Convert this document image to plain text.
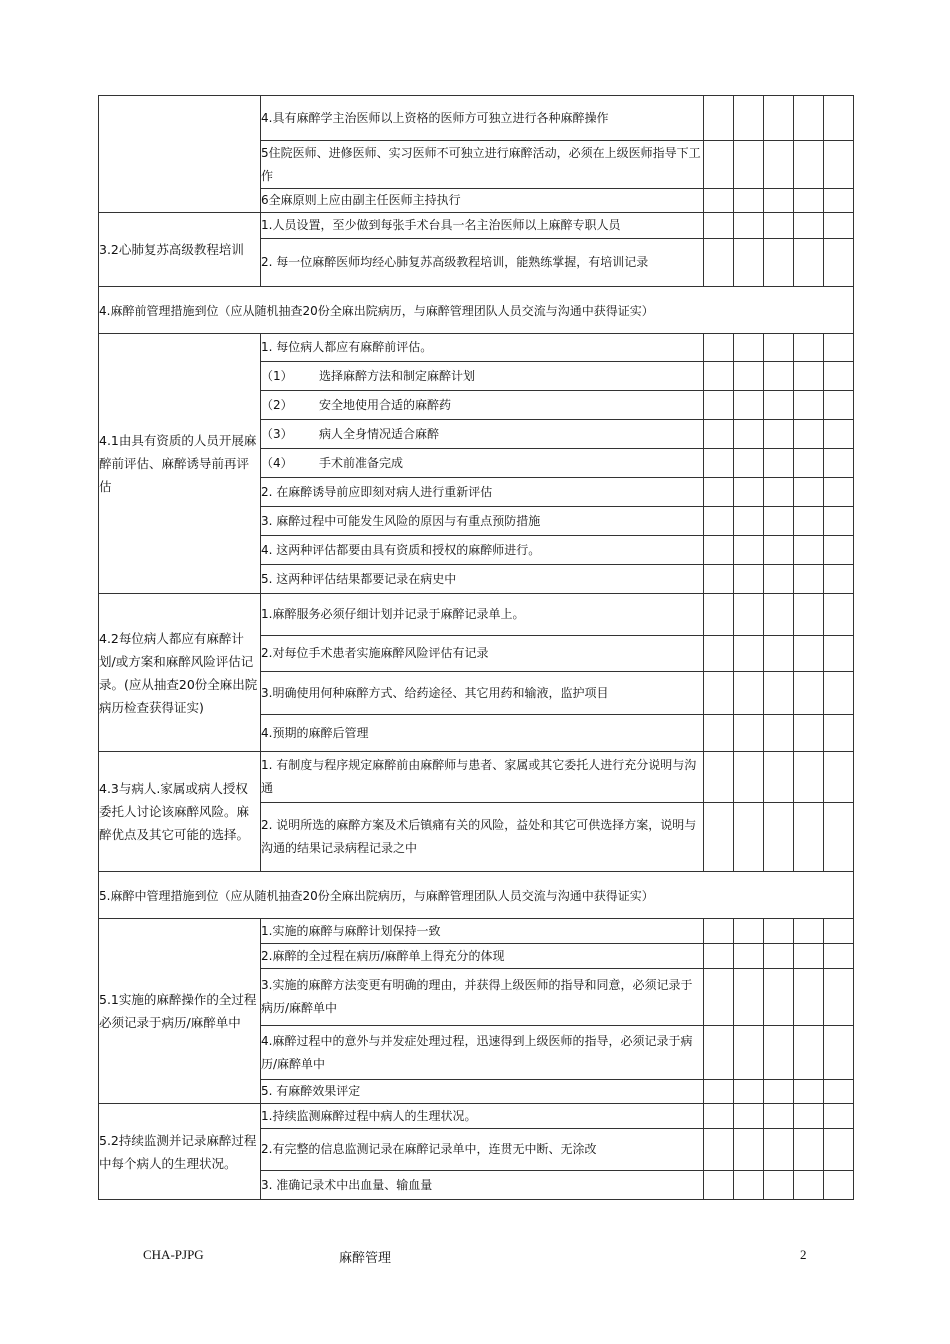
	4.具有麻醉学主治医师以上资格的医师方可独立进行各种麻醉操作					
	5住院医师、进修医师、实习医师不可独立进行麻醉活动，必须在上级医师指导下工作					
	6全麻原则上应由副主任医师主持执行					
3.2心肺复苏高级教程培训	1.人员设置，至少做到每张手术台具一名主治医师以上麻醉专职人员					
	2. 每一位麻醉医师均经心肺复苏高级教程培训，能熟练掌握，有培训记录					
4.麻醉前管理措施到位（应从随机抽查20份全麻出院病历，与麻醉管理团队人员交流与沟通中获得证实）						
4.1由具有资质的人员开展麻醉前评估、麻醉诱导前再评估	1. 每位病人都应有麻醉前评估。					
	（1） 选择麻醉方法和制定麻醉计划					
	（2） 安全地使用合适的麻醉药					
	（3） 病人全身情况适合麻醉					
	（4） 手术前准备完成					
	2. 在麻醉诱导前应即刻对病人进行重新评估					
	3. 麻醉过程中可能发生风险的原因与有重点预防措施					
	4. 这两种评估都要由具有资质和授权的麻醉师进行。					
	5. 这两种评估结果都要记录在病史中					
4.2每位病人都应有麻醉计划/或方案和麻醉风险评估记录。(应从抽查20份全麻出院病历检查获得证实)	1.麻醉服务必须仔细计划并记录于麻醉记录单上。					
	2.对每位手术患者实施麻醉风险评估有记录					
	3.明确使用何种麻醉方式、给药途径、其它用药和输液，监护项目					
	4.预期的麻醉后管理					
4.3与病人.家属或病人授权委托人讨论该麻醉风险。麻醉优点及其它可能的选择。	1. 有制度与程序规定麻醉前由麻醉师与患者、家属或其它委托人进行充分说明与沟通					
	2. 说明所选的麻醉方案及术后镇痛有关的风险，益处和其它可供选择方案，说明与沟通的结果记录病程记录之中					
5.麻醉中管理措施到位（应从随机抽查20份全麻出院病历，与麻醉管理团队人员交流与沟通中获得证实）						
5.1实施的麻醉操作的全过程必须记录于病历/麻醉单中	1.实施的麻醉与麻醉计划保持一致					
	2.麻醉的全过程在病历/麻醉单上得充分的体现					
	3.实施的麻醉方法变更有明确的理由，并获得上级医师的指导和同意，必须记录于病历/麻醉单中					
	4.麻醉过程中的意外与并发症处理过程，迅速得到上级医师的指导，必须记录于病历/麻醉单中					
	5. 有麻醉效果评定					
5.2持续监测并记录麻醉过程中每个病人的生理状况。	1.持续监测麻醉过程中病人的生理状况。					
	2.有完整的信息监测记录在麻醉记录单中，连贯无中断、无涂改					
	3. 准确记录术中出血量、输血量					
CHA-PJPG	麻醉管理	2
